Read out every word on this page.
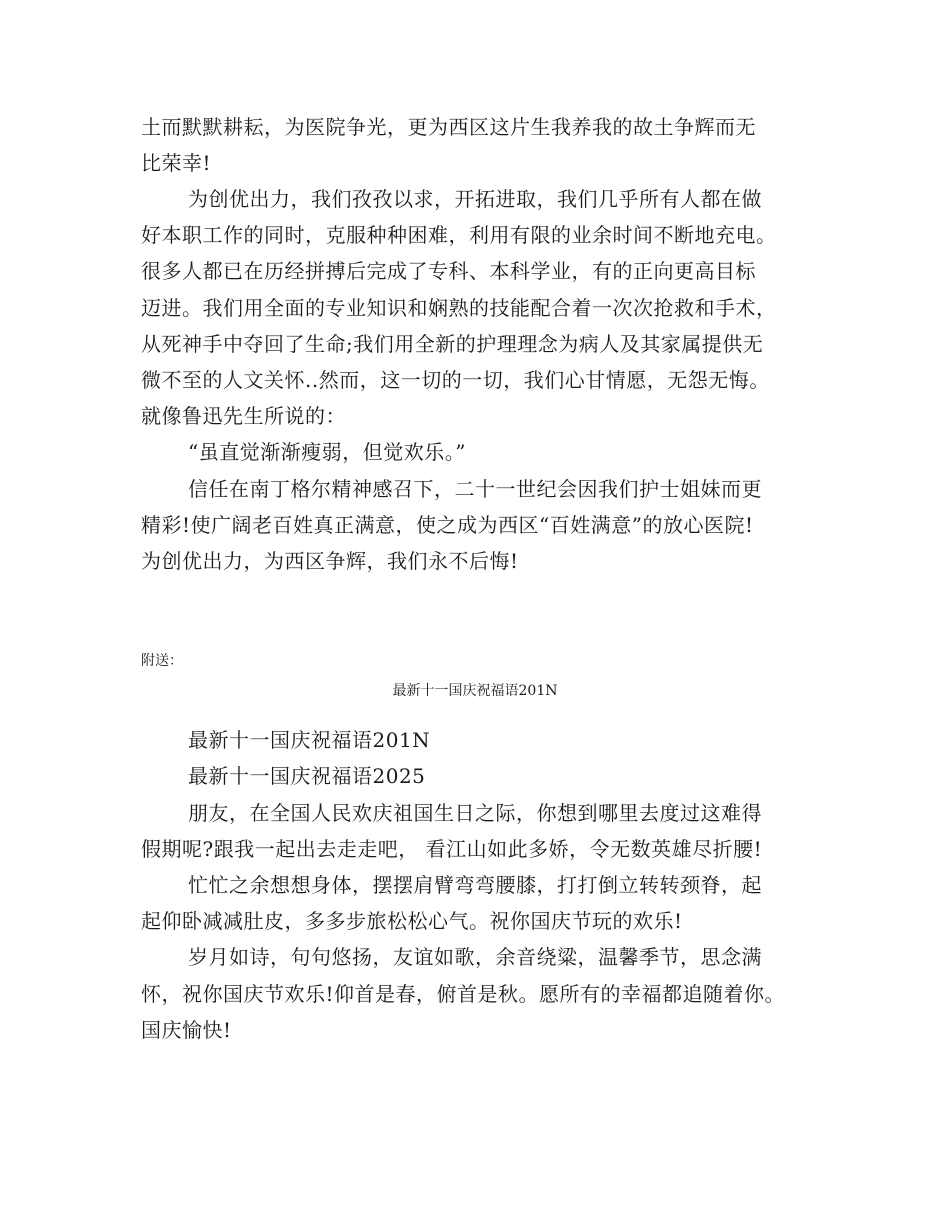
土而默默耕耘，为医院争光，更为西区这片生我养我的故土争辉而无
比荣幸!
为创优出力，我们孜孜以求，开拓进取，我们几乎所有人都在做
好本职工作的同时，克服种种困难，利用有限的业余时间不断地充电。
很多人都已在历经拼搏后完成了专科、本科学业，有的正向更高目标
迈进。我们用全面的专业知识和娴熟的技能配合着一次次抢救和手术，
从死神手中夺回了生命;我们用全新的护理理念为病人及其家属提供无
微不至的人文关怀..然而，这一切的一切，我们心甘情愿，无怨无悔。
就像鲁迅先生所说的：
“虽直觉渐渐瘦弱，但觉欢乐。”
信任在南丁格尔精神感召下，二十一世纪会因我们护士姐妹而更
精彩!使广阔老百姓真正满意，使之成为西区“百姓满意”的放心医院!
为创优出力，为西区争辉，我们永不后悔!
附送：
最新十一国庆祝福语201N
最新十一国庆祝福语201N
最新十一国庆祝福语2025
朋友，在全国人民欢庆祖国生日之际，你想到哪里去度过这难得
假期呢?跟我一起出去走走吧， 看江山如此多娇，令无数英雄尽折腰!
忙忙之余想想身体，摆摆肩臂弯弯腰膝，打打倒立转转颈脊，起
起仰卧减减肚皮，多多步旅松松心气。祝你国庆节玩的欢乐!
岁月如诗，句句悠扬，友谊如歌，余音绕粱，温馨季节，思念满
怀，祝你国庆节欢乐!仰首是春，俯首是秋。愿所有的幸福都追随着你。
国庆愉快!
